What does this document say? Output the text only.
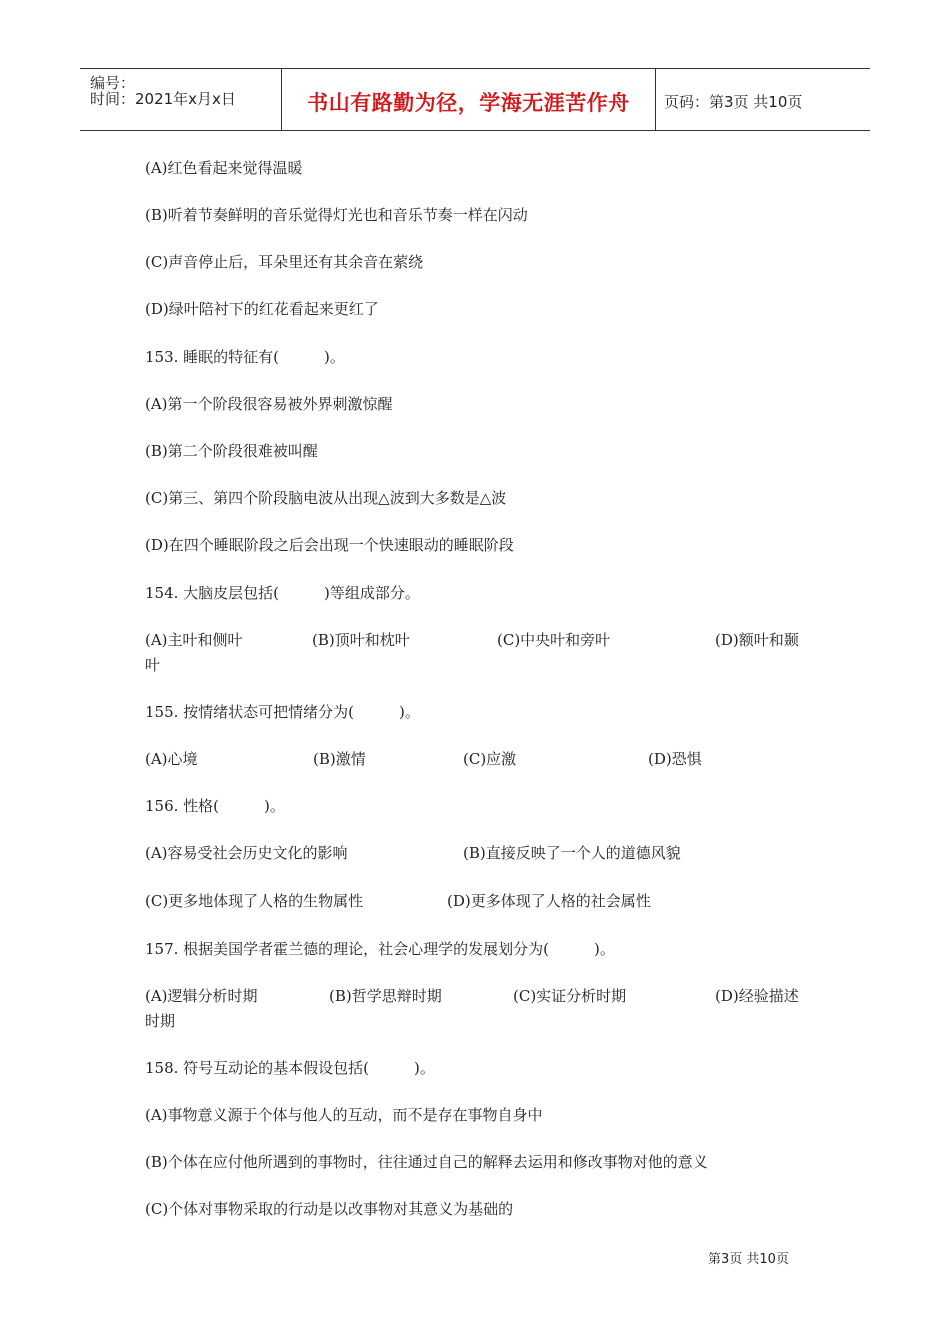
编号：
时间：2021年x月x日	书山有路勤为径，学海无涯苦作舟	页码：第3页 共10页
(A)红色看起来觉得温暖
(B)听着节奏鲜明的音乐觉得灯光也和音乐节奏一样在闪动
(C)声音停止后，耳朵里还有其余音在萦绕
(D)绿叶陪衬下的红花看起来更红了
153. 睡眠的特征有(　　　)。
(A)第一个阶段很容易被外界刺激惊醒
(B)第二个阶段很难被叫醒
(C)第三、第四个阶段脑电波从出现△波到大多数是△波
(D)在四个睡眠阶段之后会出现一个快速眼动的睡眠阶段
154. 大脑皮层包括(　　　)等组成部分。
(A)主叶和侧叶	(B)顶叶和枕叶	(C)中央叶和旁叶	(D)额叶和颞
叶
155. 按情绪状态可把情绪分为(　　　)。
(A)心境	(B)激情	(C)应激	(D)恐惧
156. 性格(　　　)。
(A)容易受社会历史文化的影响	(B)直接反映了一个人的道德风貌
(C)更多地体现了人格的生物属性	(D)更多体现了人格的社会属性
157. 根据美国学者霍兰德的理论，社会心理学的发展划分为(　　　)。
(A)逻辑分析时期	(B)哲学思辩时期	(C)实证分析时期	(D)经验描述
时期
158. 符号互动论的基本假设包括(　　　)。
(A)事物意义源于个体与他人的互动，而不是存在事物自身中
(B)个体在应付他所遇到的事物时，往往通过自己的解释去运用和修改事物对他的意义
(C)个体对事物采取的行动是以改事物对其意义为基础的
第3页 共10页
